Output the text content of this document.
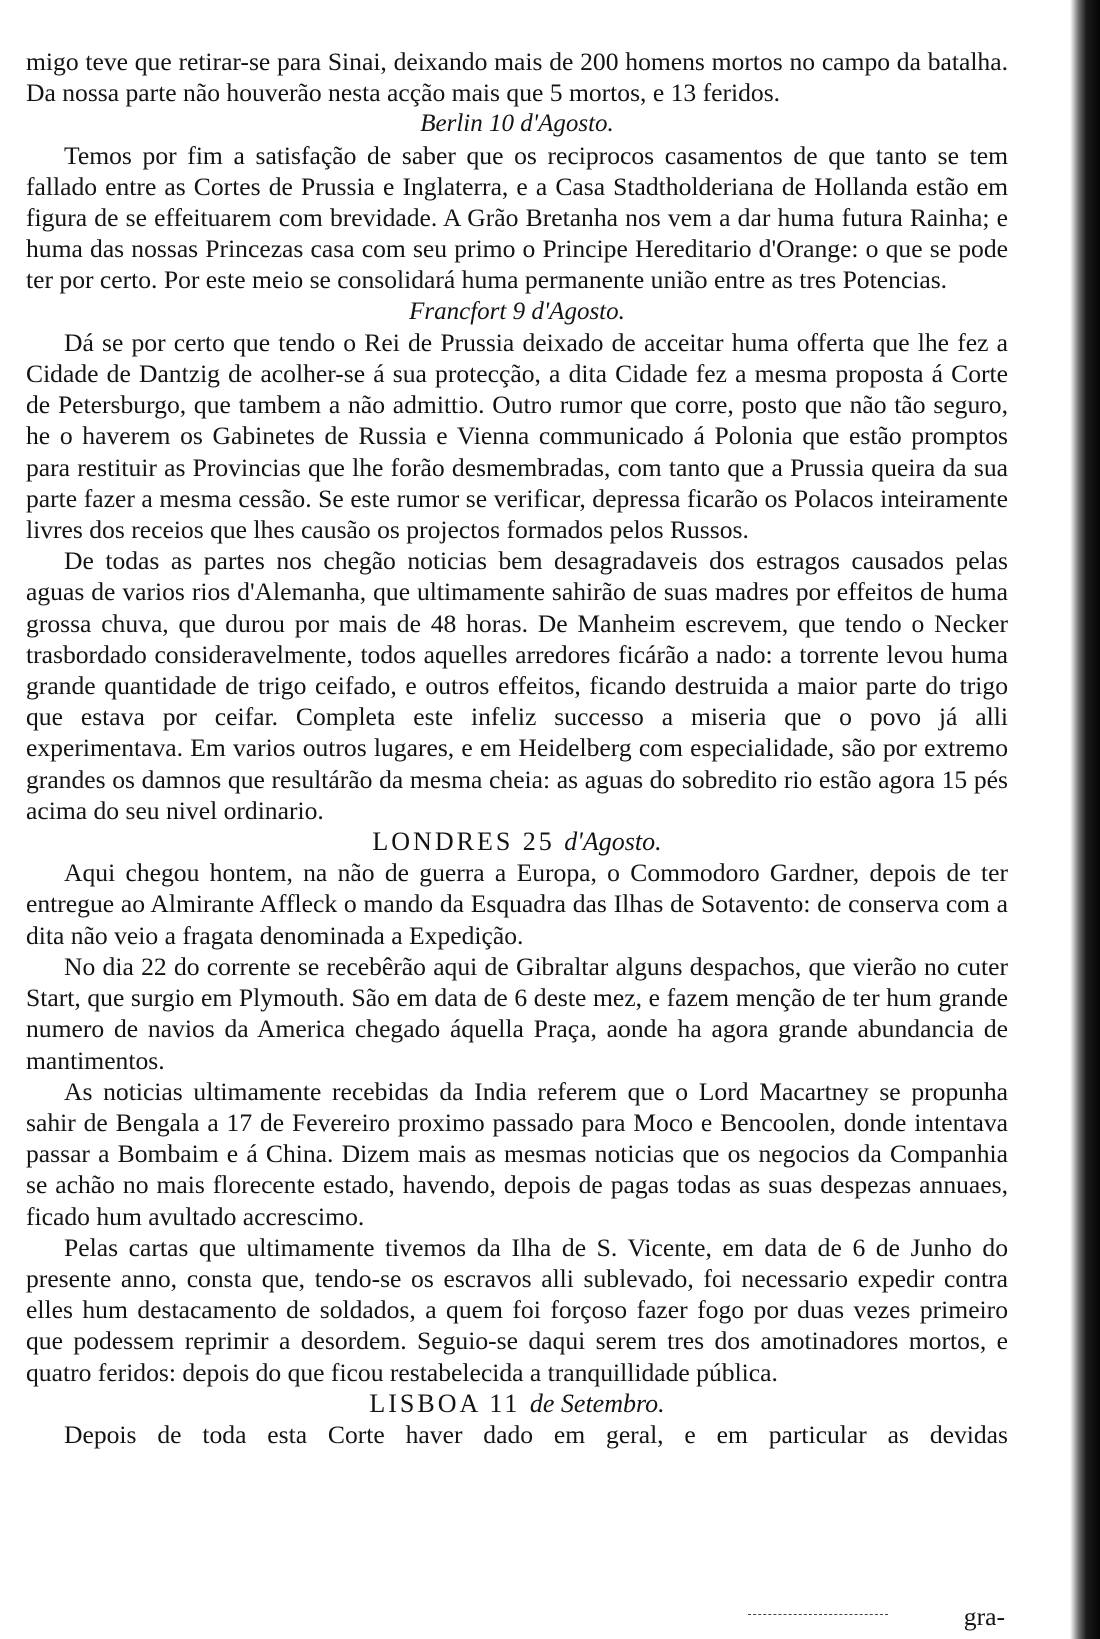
migo teve que retirar-se para Sinai, deixando mais de 200 homens mortos no campo da batalha. Da nossa parte não houverão nesta acção mais que 5 mortos, e 13 feridos.

Berlin 10 d'Agosto.

Temos por fim a satisfação de saber que os reciprocos casamentos de que tanto se tem fallado entre as Cortes de Prussia e Inglaterra, e a Casa Stadtholderiana de Hollanda estão em figura de se effeituarem com brevidade. A Grão Bretanha nos vem a dar huma futura Rainha; e huma das nossas Princezas casa com seu primo o Principe Hereditario d'Orange: o que se pode ter por certo. Por este meio se consolidará huma permanente união entre as tres Potencias.

Francfort 9 d'Agosto.

Dá se por certo que tendo o Rei de Prussia deixado de acceitar huma offerta que lhe fez a Cidade de Dantzig de acolher-se á sua protecção, a dita Cidade fez a mesma proposta á Corte de Petersburgo, que tambem a não admittio. Outro rumor que corre, posto que não tão seguro, he o haverem os Gabinetes de Russia e Vienna communicado á Polonia que estão promptos para restituir as Provincias que lhe forão desmembradas, com tanto que a Prussia queira da sua parte fazer a mesma cessão. Se este rumor se verificar, depressa ficarão os Polacos inteiramente livres dos receios que lhes causão os projectos formados pelos Russos.

De todas as partes nos chegão noticias bem desagradaveis dos estragos causados pelas aguas de varios rios d'Alemanha, que ultimamente sahirão de suas madres por effeitos de huma grossa chuva, que durou por mais de 48 horas. De Manheim escrevem, que tendo o Necker trasbordado consideravelmente, todos aquelles arredores ficárão a nado: a torrente levou huma grande quantidade de trigo ceifado, e outros effeitos, ficando destruida a maior parte do trigo que estava por ceifar. Completa este infeliz successo a miseria que o povo já alli experimentava. Em varios outros lugares, e em Heidelberg com especialidade, são por extremo grandes os damnos que resultárão da mesma cheia: as aguas do sobredito rio estão agora 15 pés acima do seu nivel ordinario.

LONDRES 25 d'Agosto.

Aqui chegou hontem, na não de guerra a Europa, o Commodoro Gardner, depois de ter entregue ao Almirante Affleck o mando da Esquadra das Ilhas de Sotavento: de conserva com a dita não veio a fragata denominada a Expedição.

No dia 22 do corrente se recebêrão aqui de Gibraltar alguns despachos, que vierão no cuter Start, que surgio em Plymouth. São em data de 6 deste mez, e fazem menção de ter hum grande numero de navios da America chegado áquella Praça, aonde ha agora grande abundancia de mantimentos.

As noticias ultimamente recebidas da India referem que o Lord Macartney se propunha sahir de Bengala a 17 de Fevereiro proximo passado para Moco e Bencoolen, donde intentava passar a Bombaim e á China. Dizem mais as mesmas noticias que os negocios da Companhia se achão no mais florecente estado, havendo, depois de pagas todas as suas despezas annuaes, ficado hum avultado accrescimo.

Pelas cartas que ultimamente tivemos da Ilha de S. Vicente, em data de 6 de Junho do presente anno, consta que, tendo-se os escravos alli sublevado, foi necessario expedir contra elles hum destacamento de soldados, a quem foi forçoso fazer fogo por duas vezes primeiro que podessem reprimir a desordem. Seguio-se daqui serem tres dos amotinadores mortos, e quatro feridos: depois do que ficou restabelecida a tranquillidade pública.

LISBOA 11 de Setembro.

Depois de toda esta Corte haver dado em geral, e em particular as devidas

gra-
